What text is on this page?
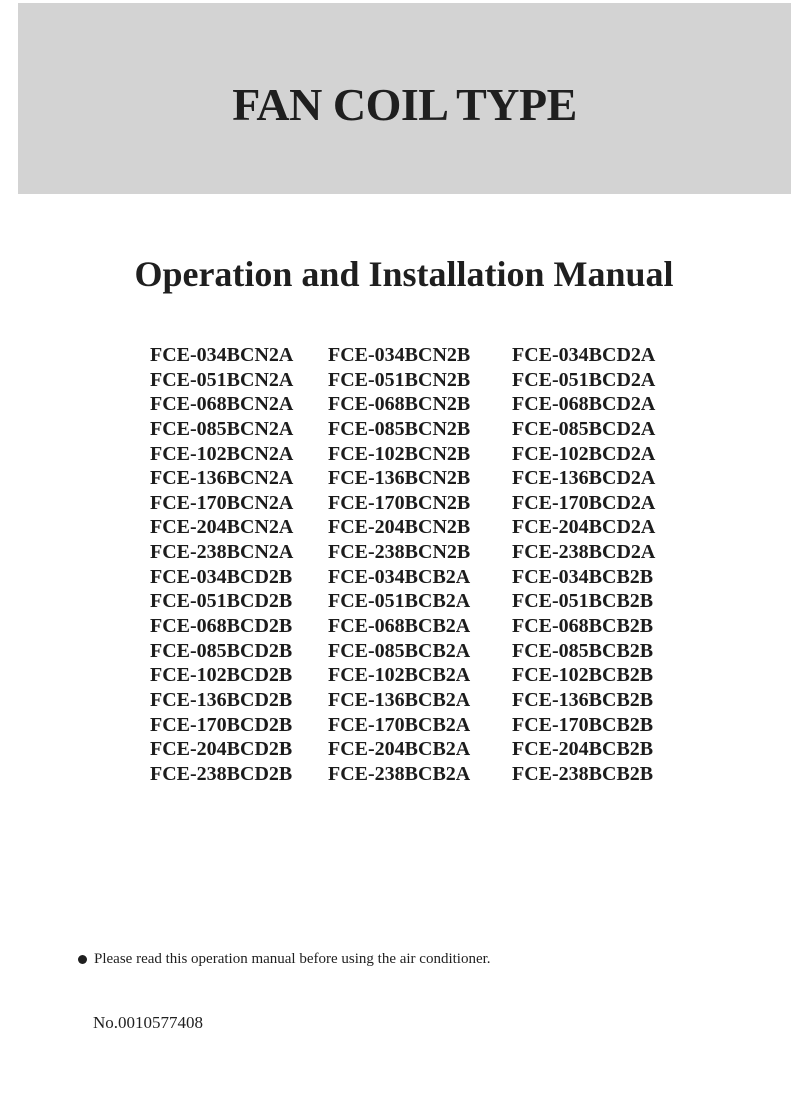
FAN COIL TYPE
Operation and Installation Manual
FCE-034BCN2A	FCE-034BCN2B	FCE-034BCD2A
FCE-051BCN2A	FCE-051BCN2B	FCE-051BCD2A
FCE-068BCN2A	FCE-068BCN2B	FCE-068BCD2A
FCE-085BCN2A	FCE-085BCN2B	FCE-085BCD2A
FCE-102BCN2A	FCE-102BCN2B	FCE-102BCD2A
FCE-136BCN2A	FCE-136BCN2B	FCE-136BCD2A
FCE-170BCN2A	FCE-170BCN2B	FCE-170BCD2A
FCE-204BCN2A	FCE-204BCN2B	FCE-204BCD2A
FCE-238BCN2A	FCE-238BCN2B	FCE-238BCD2A
FCE-034BCD2B	FCE-034BCB2A	FCE-034BCB2B
FCE-051BCD2B	FCE-051BCB2A	FCE-051BCB2B
FCE-068BCD2B	FCE-068BCB2A	FCE-068BCB2B
FCE-085BCD2B	FCE-085BCB2A	FCE-085BCB2B
FCE-102BCD2B	FCE-102BCB2A	FCE-102BCB2B
FCE-136BCD2B	FCE-136BCB2A	FCE-136BCB2B
FCE-170BCD2B	FCE-170BCB2A	FCE-170BCB2B
FCE-204BCD2B	FCE-204BCB2A	FCE-204BCB2B
FCE-238BCD2B	FCE-238BCB2A	FCE-238BCB2B
Please read this operation manual before using the air conditioner.
No.0010577408
